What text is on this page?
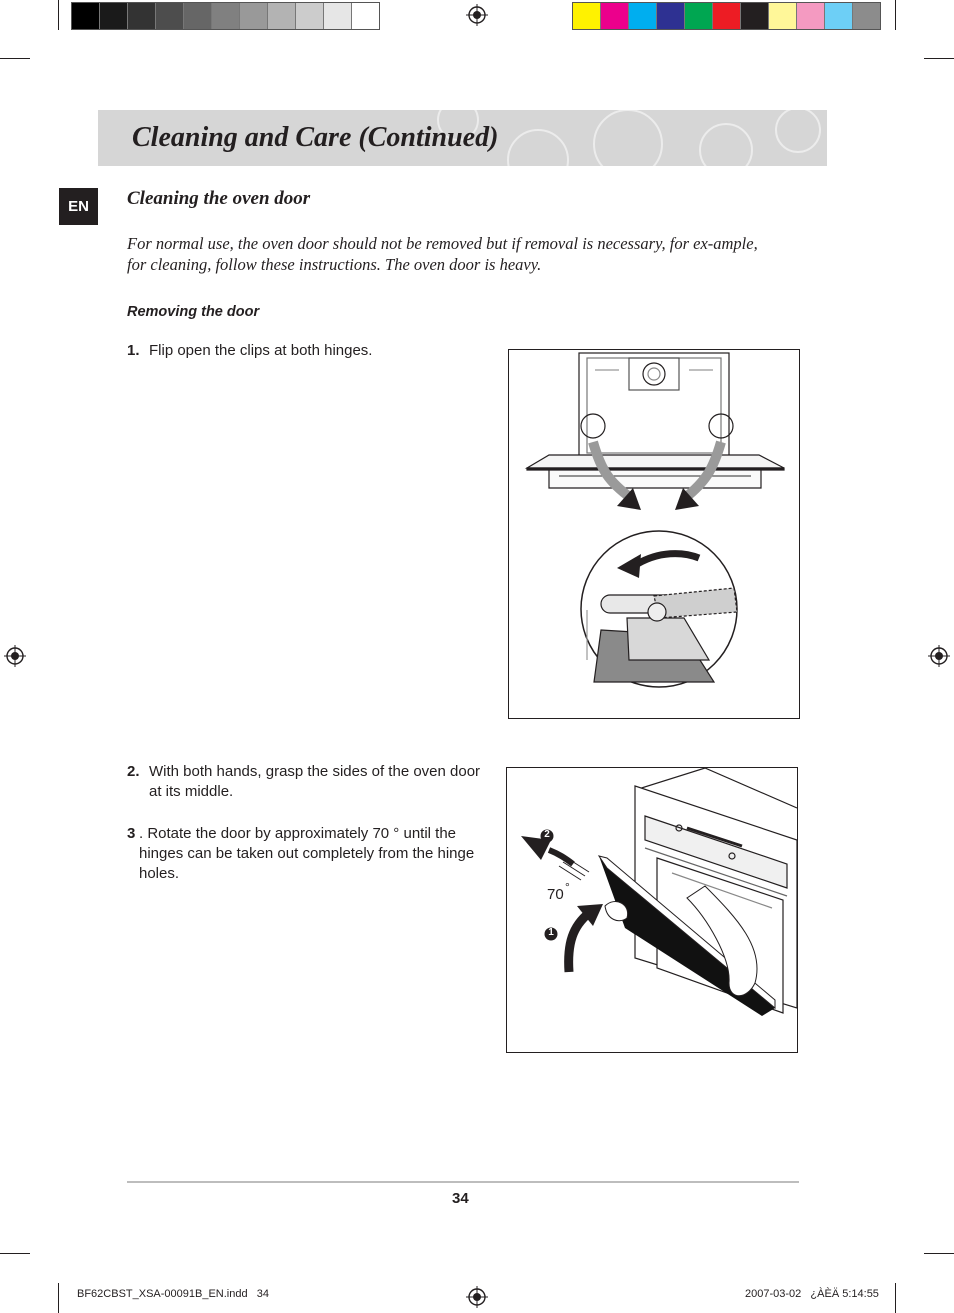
Cleaning and Care (Continued)
EN	Cleaning the oven door

For normal use, the oven door should not be removed but if removal is necessary, for ex-ample, for cleaning, follow these instructions. The oven door is heavy.

Removing the door
1. Flip open the clips at both hinges.
2. With both hands, grasp the sides of the oven door at its middle.
3 . Rotate the door by approximately 70 ° until the hinges can be taken out completely from the hinge holes.
2
1
70 °
34
BF62CBST_XSA-00091B_EN.indd   34	2007-03-02   ¿ÀÈÄ 5:14:55
